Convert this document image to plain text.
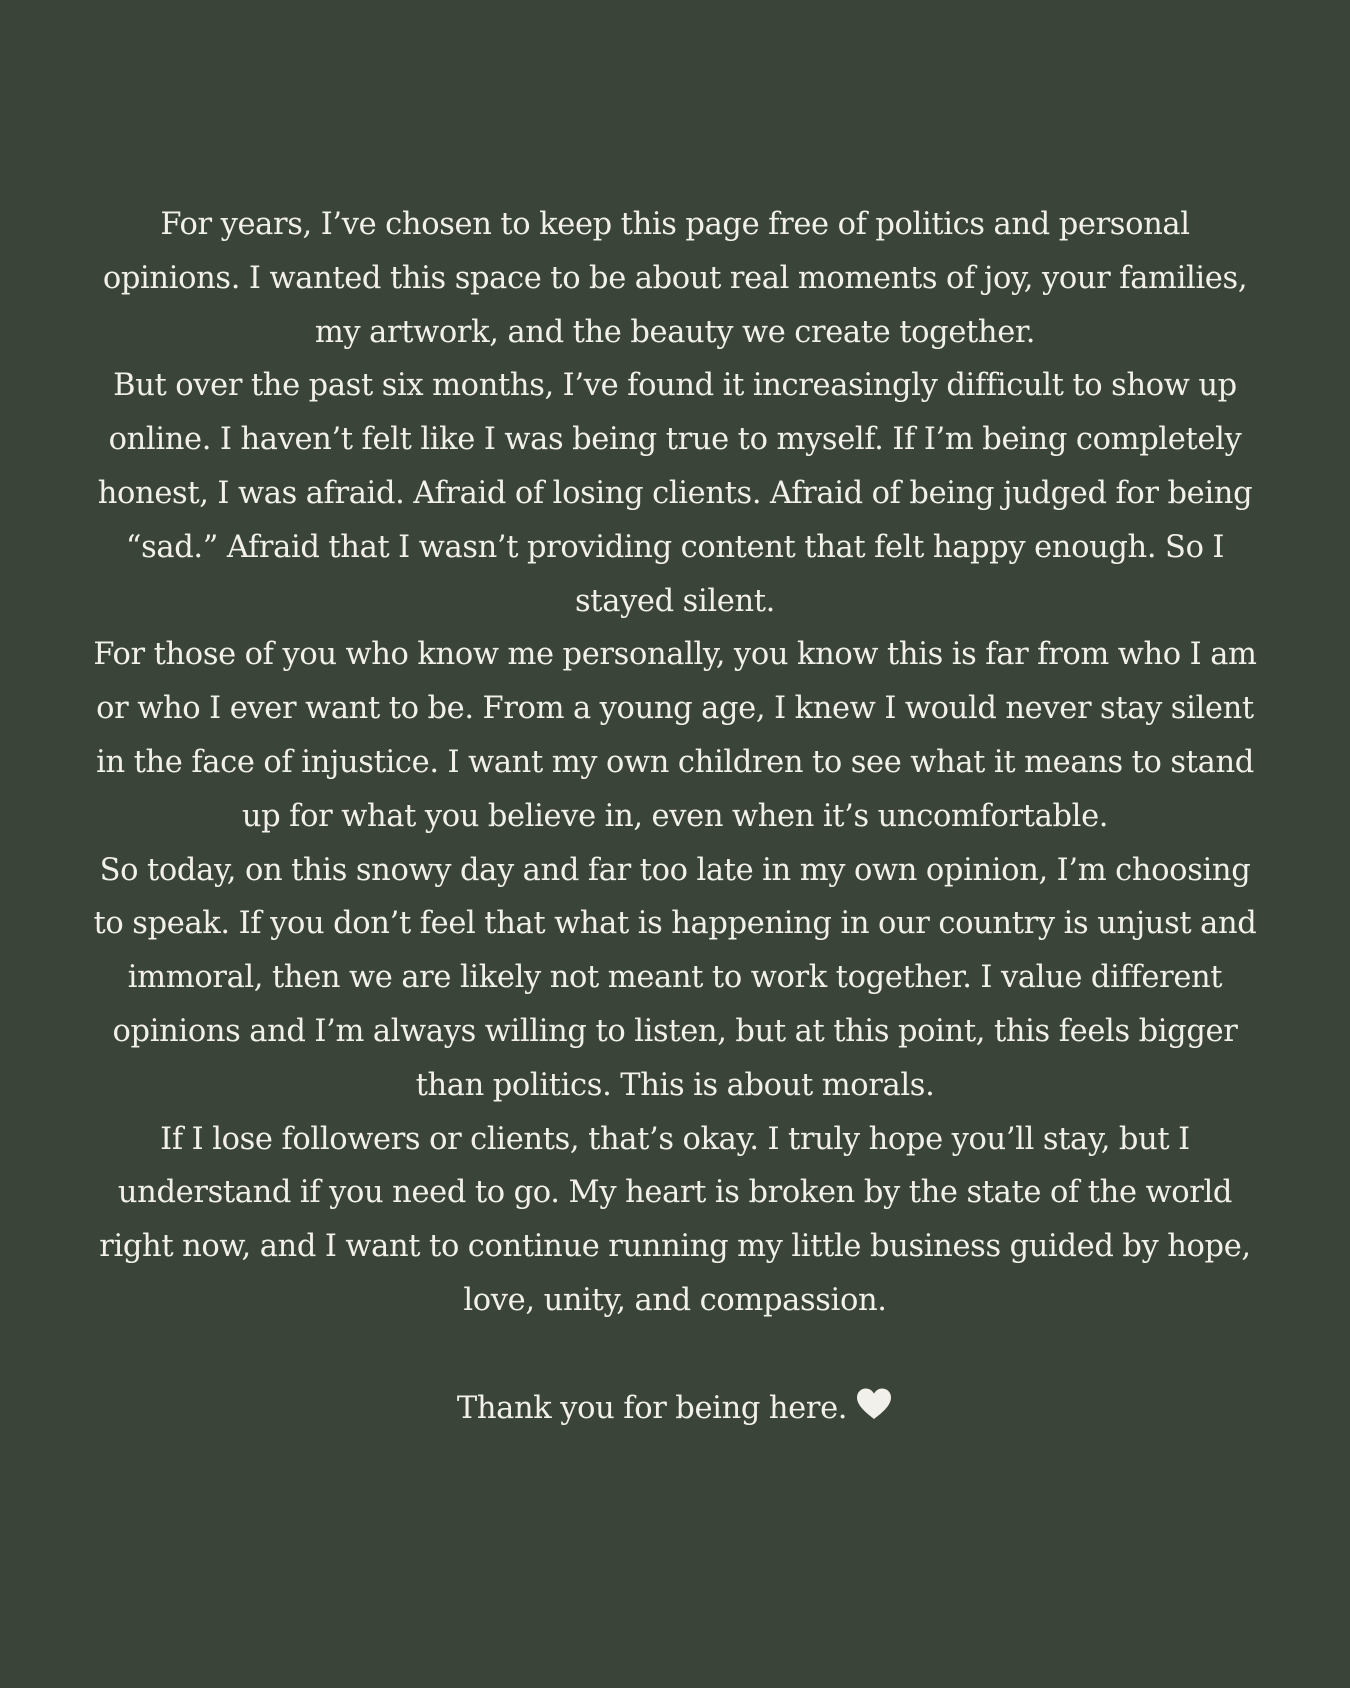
For years, I’ve chosen to keep this page free of politics and personal opinions. I wanted this space to be about real moments of joy, your families, my artwork, and the beauty we create together.

But over the past six months, I’ve found it increasingly difficult to show up online. I haven’t felt like I was being true to myself. If I’m being completely honest, I was afraid. Afraid of losing clients. Afraid of being judged for being “sad.” Afraid that I wasn’t providing content that felt happy enough. So I stayed silent.

For those of you who know me personally, you know this is far from who I am or who I ever want to be. From a young age, I knew I would never stay silent in the face of injustice. I want my own children to see what it means to stand up for what you believe in, even when it’s uncomfortable.

So today, on this snowy day and far too late in my own opinion, I’m choosing to speak. If you don’t feel that what is happening in our country is unjust and immoral, then we are likely not meant to work together. I value different opinions and I’m always willing to listen, but at this point, this feels bigger than politics. This is about morals.

If I lose followers or clients, that’s okay. I truly hope you’ll stay, but I understand if you need to go. My heart is broken by the state of the world right now, and I want to continue running my little business guided by hope, love, unity, and compassion.

Thank you for being here.
